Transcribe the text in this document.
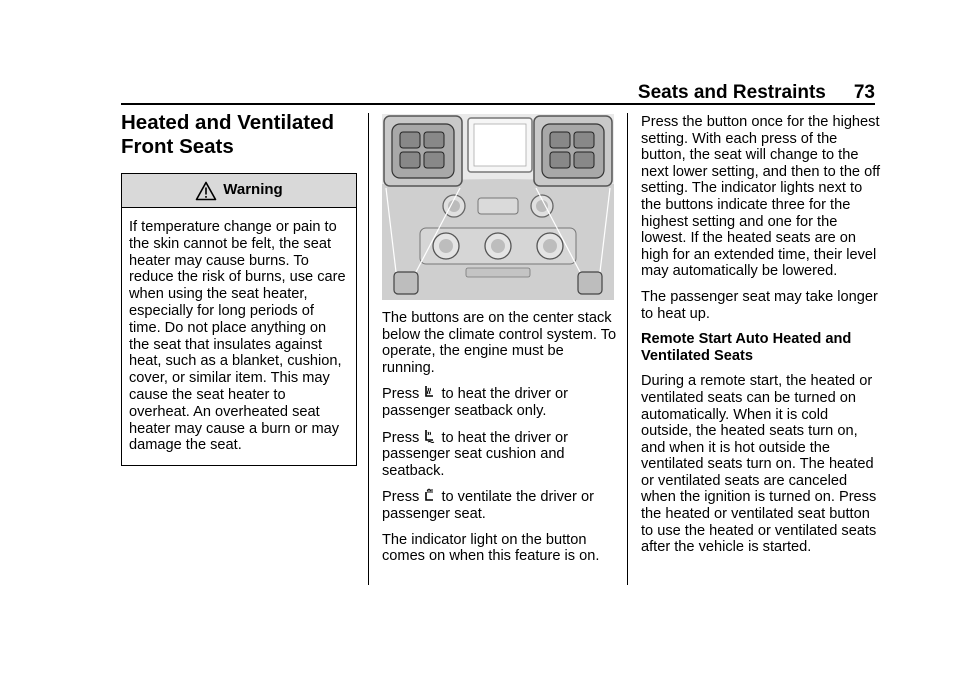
Seats and Restraints 73
Heated and Ventilated Front Seats
Warning
If temperature change or pain to the skin cannot be felt, the seat heater may cause burns. To reduce the risk of burns, use care when using the seat heater, especially for long periods of time. Do not place anything on the seat that insulates against heat, such as a blanket, cushion, cover, or similar item. This may cause the seat heater to overheat. An overheated seat heater may cause a burn or may damage the seat.

The buttons are on the center stack below the climate control system. To operate, the engine must be running.

Press to heat the driver or passenger seatback only.

Press to heat the driver or passenger seat cushion and seatback.

Press to ventilate the driver or passenger seat.

The indicator light on the button comes on when this feature is on.

Press the button once for the highest setting. With each press of the button, the seat will change to the next lower setting, and then to the off setting. The indicator lights next to the buttons indicate three for the highest setting and one for the lowest. If the heated seats are on high for an extended time, their level may automatically be lowered.

The passenger seat may take longer to heat up.

Remote Start Auto Heated and Ventilated Seats

During a remote start, the heated or ventilated seats can be turned on automatically. When it is cold outside, the heated seats turn on, and when it is hot outside the ventilated seats turn on. The heated or ventilated seats are canceled when the ignition is turned on. Press the heated or ventilated seat button to use the heated or ventilated seats after the vehicle is started.
